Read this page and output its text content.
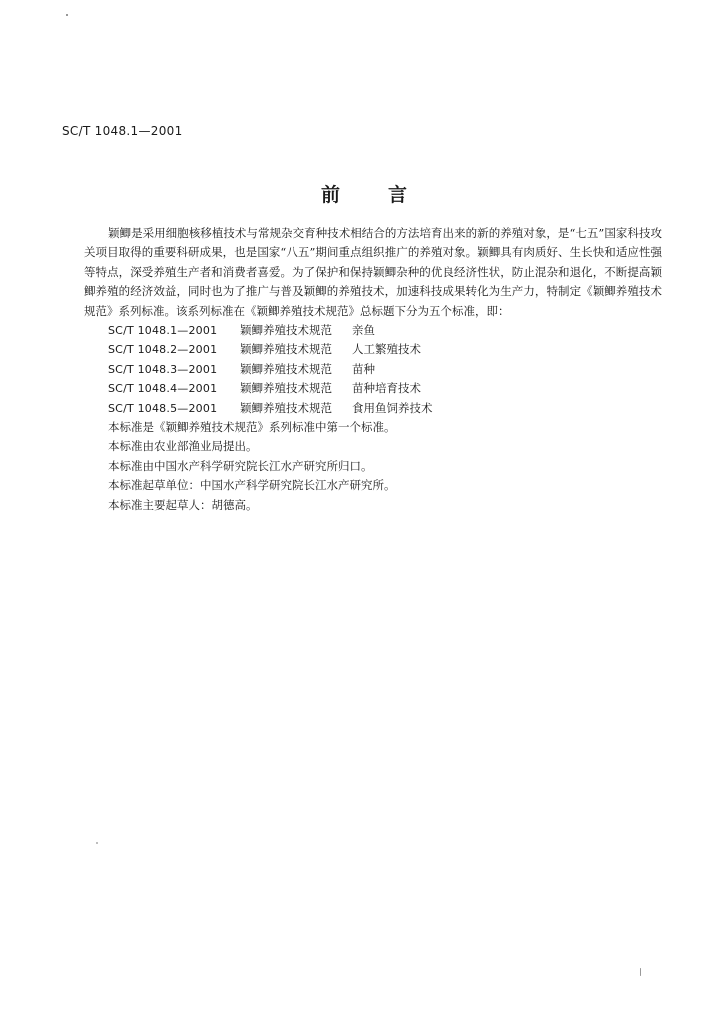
SC/T 1048.1—2001
前言

颖鲫是采用细胞核移植技术与常规杂交育种技术相结合的方法培育出来的新的养殖对象，是“七五”国家科技攻关项目取得的重要科研成果，也是国家“八五”期间重点组织推广的养殖对象。颖鲫具有肉质好、生长快和适应性强等特点，深受养殖生产者和消费者喜爱。为了保护和保持颖鲫杂种的优良经济性状，防止混杂和退化，不断提高颖鲫养殖的经济效益，同时也为了推广与普及颖鲫的养殖技术，加速科技成果转化为生产力，特制定《颖鲫养殖技术规范》系列标准。该系列标准在《颖鲫养殖技术规范》总标题下分为五个标准，即：

SC/T 1048.1—2001	颖鲫养殖技术规范	亲鱼
SC/T 1048.2—2001	颖鲫养殖技术规范	人工繁殖技术
SC/T 1048.3—2001	颖鲫养殖技术规范	苗种
SC/T 1048.4—2001	颖鲫养殖技术规范	苗种培育技术
SC/T 1048.5—2001	颖鲫养殖技术规范	食用鱼饲养技术

本标准是《颖鲫养殖技术规范》系列标准中第一个标准。

本标准由农业部渔业局提出。

本标准由中国水产科学研究院长江水产研究所归口。

本标准起草单位：中国水产科学研究院长江水产研究所。

本标准主要起草人：胡德高。
